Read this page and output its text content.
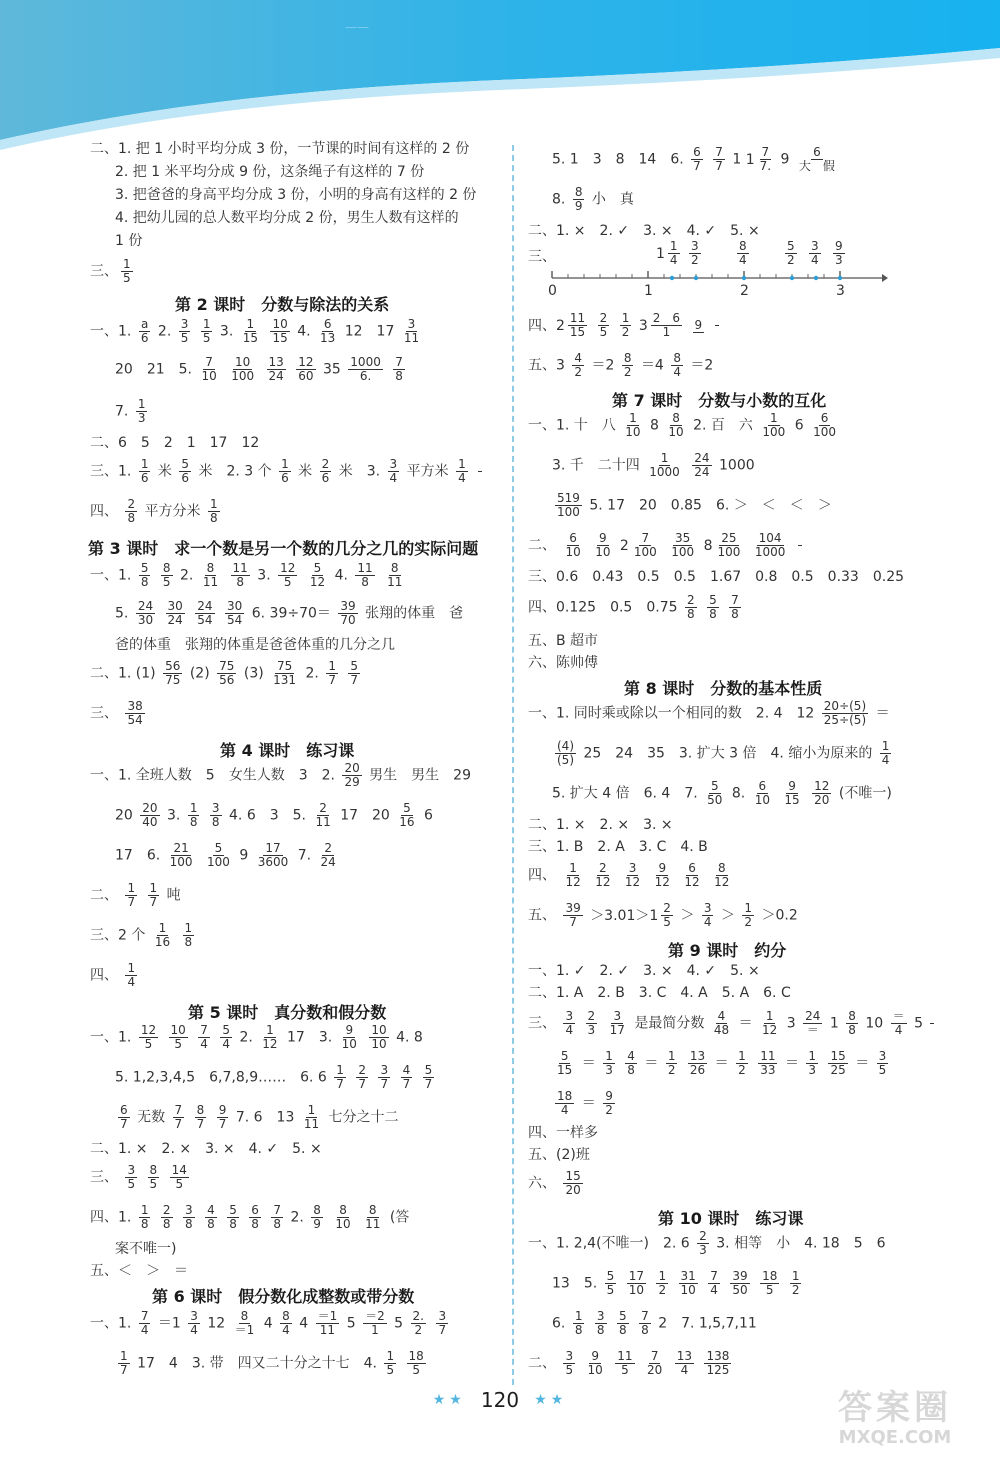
——
二、1. 把 1 小时平均分成 3 份，一节课的时间有这样的 2 份
2. 把 1 米平均分成 9 份，这条绳子有这样的 7 份
3. 把爸爸的身高平均分成 3 份，小明的身高有这样的 2 份
4. 把幼儿园的总人数平均分成 2 份，男生人数有这样的
1 份
三、 $\frac{1}{5}$
第 2 课时　分数与除法的关系
一、1. $\frac{a}{6} 2$. $\frac{3}{5}$
$\frac{1}{5} 3$. $\frac{1}{15}$
$\frac{10}{15} 4$. $\frac{6}{13} 12$　$17 \frac{3}{11}$
20　21　5. $\frac{7}{10}$
$\frac{10}{100}$
$\frac{13}{24}$
$\frac{12}{60} 35 \frac{1000}{6.}$
$\frac{7}{8}$
7. $\frac{1}{3}$
二、6　5　2　1　17　12
三、1. $\frac{1}{6}$ 米 $\frac{5}{6}$ 米　2. 3 个 $\frac{1}{6}$ 米 $\frac{2}{6}$ 米　3. $\frac{3}{4}$ 平方米 $\frac{1}{4}$

四、 $\frac{2}{8}$ 平方分米 $\frac{1}{8}$
第 3 课时　求一个数是另一个数的几分之几的实际问题
一、1. $\frac{5}{8}$
$\frac{8}{5} 2$. $\frac{8}{11}$
$\frac{11}{8} 3$. $\frac{12}{5}$
$\frac{5}{12} 4$. $\frac{11}{8}$
$\frac{8}{11}$
5. $\frac{24}{30}$
$\frac{30}{24}$
$\frac{24}{54}$
$\frac{30}{54} 6$. $39\div 70= \frac{39}{70}$ 张翔的体重　爸
爸的体重　张翔的体重是爸爸体重的几分之几
二、1. $(1) \frac{56}{75} (2) \frac{75}{56} (3) \frac{75}{131} 2$. $\frac{1}{7}$
$\frac{5}{7}$
三、 $\frac{38}{54}$
第 4 课时　练习课
一、1. 全班人数　5　女生人数　3　2. $\frac{20}{29}$ 男生　男生　29
$20 \frac{20}{40} 3$. $\frac{1}{8}$
$\frac{3}{8} 4$. 6　3　5. $\frac{2}{11} 17$　$20 \frac{5}{16} 6$
17　6. $\frac{21}{100}$
$\frac{5}{100} 9 \frac{17}{3600} 7$. $\frac{2}{24}$
二、 $\frac{1}{7}$
$\frac{1}{7}$ 吨
三、2 个 $\frac{1}{16}$
$\frac{1}{8}$
四、 $\frac{1}{4}$
第 5 课时　真分数和假分数
一、1. $\frac{12}{5}$
$\frac{10}{5}$
$\frac{7}{4}$
$\frac{5}{4} 2$. $\frac{1}{12} 17$　3. $\frac{9}{10}$
$\frac{10}{10} 4$. 8
5. 1,2,3,4,5　6,7,8,9……　6. $6 \frac{1}{7}$
$\frac{2}{7}$
$\frac{3}{7}$
$\frac{4}{7}$
$\frac{5}{7}$
$\frac{6}{7}$ 无数 $\frac{7}{7}$
$\frac{8}{7}$
$\frac{9}{7} 7$. 6　$13 \frac{1}{11}$ 七分之十二
二、1. ×　2. ×　3. ×　4. ✓　5. ×
三、 $\frac{3}{5}$
$\frac{8}{5}$
$\frac{14}{5}$
四、1. $\frac{1}{8}$
$\frac{2}{8}$
$\frac{3}{8}$
$\frac{4}{8}$
$\frac{5}{8}$
$\frac{6}{8}$
$\frac{7}{8} 2$. $\frac{8}{9}$
$\frac{8}{10}$
$\frac{8}{11}$ (答
案不唯一)
五、＜　＞　＝
第 6 课时　假分数化成整数或带分数
一、1. $\frac{7}{4} =1 \frac{3}{4} 12 \frac{8}{=1} 4 \frac{8}{4} 4 \frac{=1}{11} 5 \frac{=2}{1} 5 \frac{2.}{2}$
$\frac{3}{7}$
$\frac{1}{7} 17$　4　3. 带　四又二十分之十七　4. $\frac{1}{5}$
$\frac{18}{5}$
5. 1　3　8　14　6. $\frac{6}{7}$
$\frac{7}{7} 1$ $1 \frac{7}{7.} 9 \frac{6}{\text{大　假}}$
8. $\frac{8}{9}$ 小　真
二、1. ×　2. ✓　3. ×　4. ✓　5. ×
三、
0	1	2	3
$1 \frac{1}{4} \frac{3}{2}$	$\frac{8}{4}$	$\frac{5}{2} \frac{3}{4} \frac{9}{3}$
四、$2 \frac{11}{15}$
$\frac{2}{5}$
$\frac{1}{2}$
$3 \frac{2 6}{1}$
9

五、$3 \frac{4}{2} =2 \frac{8}{2} =4 \frac{8}{4} =2$
第 7 课时　分数与小数的互化
一、1. 十　八 $\frac{1}{10} 8 \frac{8}{10} 2$. 百　六 $\frac{1}{100} 6 \frac{6}{100}$
3. 千　二十四 $\frac{1}{1000}$
$\frac{24}{24} 1000$
$\frac{519}{100} 5$. 17　20　0.85　6. ＞　＜　＜　＞
二、 $\frac{6}{10}$
$\frac{9}{10}$
$2 \frac{7}{100}$
$\frac{35}{100}$
$8 \frac{25}{100}$
$\frac{104}{1000}$

三、0.6　0.43　0.5　0.5　1.67　0.8　0.5　0.33　0.25
四、0.125　0.5　$0.75 \frac{2}{8}$
$\frac{5}{8}$
$\frac{7}{8}$
五、B 超市
六、陈帅傅
第 8 课时　分数的基本性质
一、1. 同时乘或除以一个相同的数　2. 4　$12 \frac{20\div(5)}{25\div(5)}$ ＝
$\frac{(4)}{(5)} 25$　24　35　3. 扩大 3 倍　4. 缩小为原来的 $\frac{1}{4}$
5. 扩大 4 倍　6. 4　7. $\frac{5}{50} 8$. $\frac{6}{10}$
$\frac{9}{15}$
$\frac{12}{20}$ (不唯一)
二、1. ×　2. ×　3. ×
三、1. B　2. A　3. C　4. B
四、 $\frac{1}{12}$
$\frac{2}{12}$
$\frac{3}{12}$
$\frac{9}{12}$
$\frac{6}{12}$
$\frac{8}{12}$
五、 $\frac{39}{7}$
$>3.01>1 \frac{2}{5} > \frac{3}{4} > \frac{1}{2} >0.2$
第 9 课时　约分
一、1. ✓　2. ✓　3. ×　4. ✓　5. ×
二、1. A　2. B　3. C　4. A　5. A　6. C
三、 $\frac{3}{4}$
$\frac{2}{3}$
$\frac{3}{17}$ 是最简分数 $\frac{4}{48} = \frac{1}{12} 3 \frac{24}{=} 1 \frac{8}{8} 10 \frac{=}{4} 5$
$\frac{5}{15} = \frac{1}{3}$
$\frac{4}{8} = \frac{1}{2}$
$\frac{13}{26} = \frac{1}{2}$
$\frac{11}{33} = \frac{1}{3}$
$\frac{15}{25} = \frac{3}{5}$
$\frac{18}{4} = \frac{9}{2}$
四、一样多
五、(2)班
六、 $\frac{15}{20}$
第 10 课时　练习课
一、1. 2,4(不唯一)　2. $6 \frac{2}{3} 3$. 相等　小　4. 18　5　6
13　5. $\frac{5}{5}$
$\frac{17}{10}$
$\frac{1}{2}$
$\frac{31}{10}$
$\frac{7}{4}$
$\frac{39}{50}$
$\frac{18}{5}$
$\frac{1}{2}$
6. $\frac{1}{8}$
$\frac{3}{8}$
$\frac{5}{8}$
$\frac{7}{8} 2$　7. 1,5,7,11
二、 $\frac{3}{5}$
$\frac{9}{10}$
$\frac{11}{5}$
$\frac{7}{20}$
$\frac{13}{4}$
$\frac{138}{125}$
★★ 120 ★★	答案圈
MXQE.COM
